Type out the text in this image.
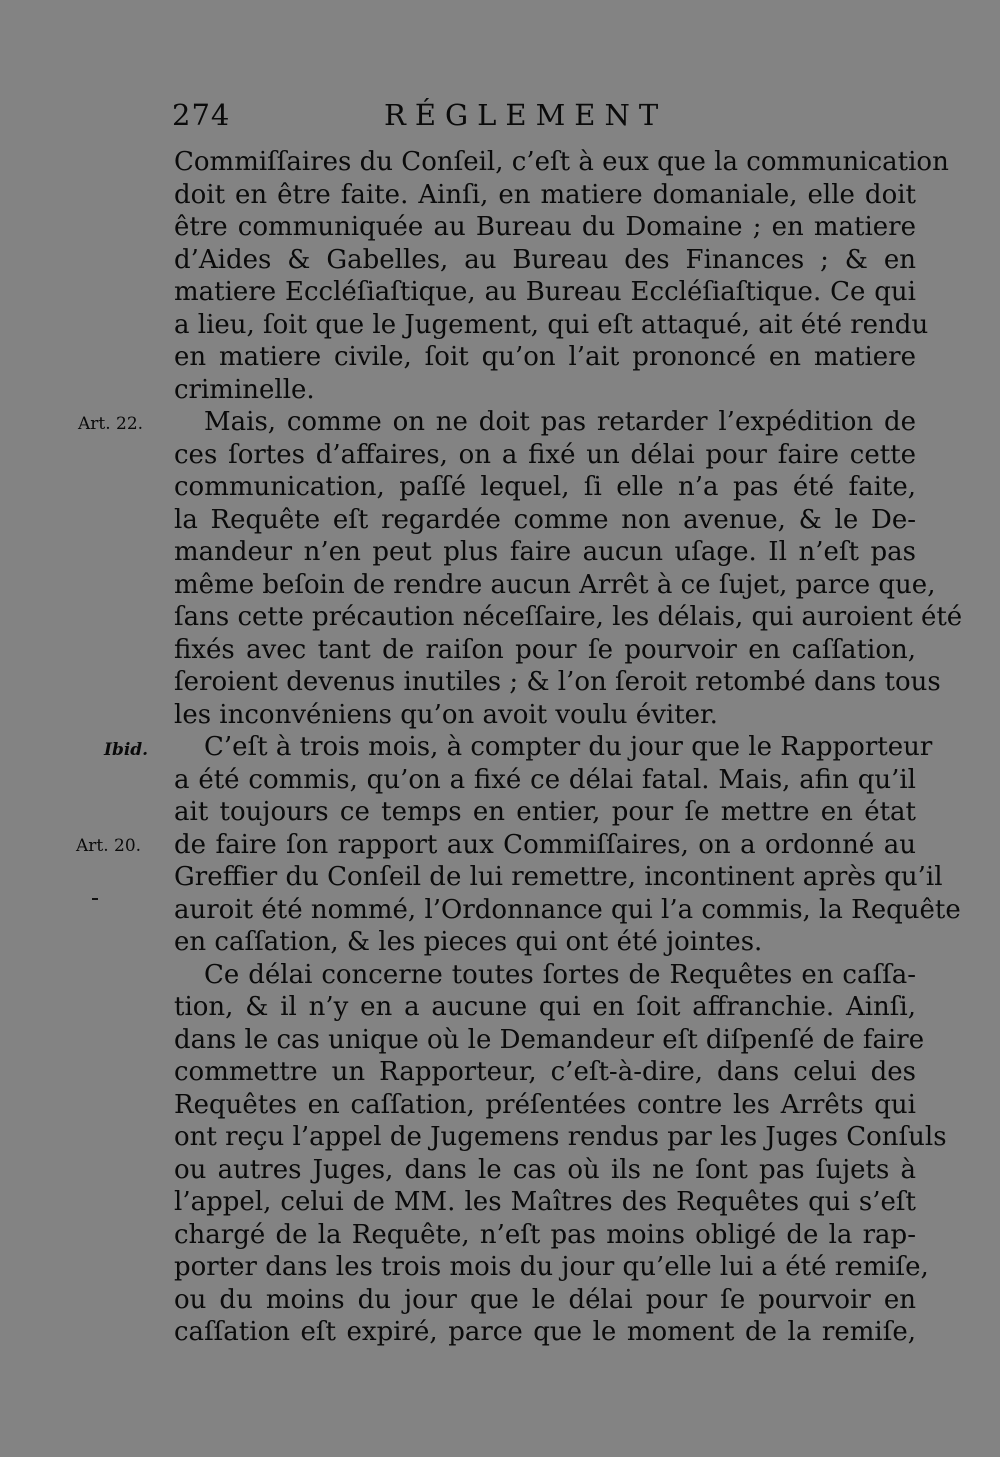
274	RÉGLEMENT
Art. 22.
Ibid.
Art. 20.
Commiſſaires du Conſeil, c’eſt à eux que la communication
doit en être faite. Ainſi, en matiere domaniale, elle doit
être communiquée au Bureau du Domaine ; en matiere
d’Aides & Gabelles, au Bureau des Finances ; & en
matiere Eccléſiaſtique, au Bureau Eccléſiaſtique. Ce qui
a lieu, ſoit que le Jugement, qui eſt attaqué, ait été rendu
en matiere civile, ſoit qu’on l’ait prononcé en matiere
criminelle.
Mais, comme on ne doit pas retarder l’expédition de
ces ſortes d’affaires, on a fixé un délai pour faire cette
communication, paſſé lequel, ſi elle n’a pas été faite,
la Requête eſt regardée comme non avenue, & le De-
mandeur n’en peut plus faire aucun uſage. Il n’eſt pas
même beſoin de rendre aucun Arrêt à ce ſujet, parce que,
ſans cette précaution néceſſaire, les délais, qui auroient été
fixés avec tant de raiſon pour ſe pourvoir en caſſation,
ſeroient devenus inutiles ; & l’on ſeroit retombé dans tous
les inconvéniens qu’on avoit voulu éviter.
C’eſt à trois mois, à compter du jour que le Rapporteur
a été commis, qu’on a fixé ce délai fatal. Mais, afin qu’il
ait toujours ce temps en entier, pour ſe mettre en état
de faire ſon rapport aux Commiſſaires, on a ordonné au
Greffier du Conſeil de lui remettre, incontinent après qu’il
auroit été nommé, l’Ordonnance qui l’a commis, la Requête
en caſſation, & les pieces qui ont été jointes.
Ce délai concerne toutes ſortes de Requêtes en caſſa-
tion, & il n’y en a aucune qui en ſoit affranchie. Ainſi,
dans le cas unique où le Demandeur eſt diſpenſé de faire
commettre un Rapporteur, c’eſt-à-dire, dans celui des
Requêtes en caſſation, préſentées contre les Arrêts qui
ont reçu l’appel de Jugemens rendus par les Juges Conſuls
ou autres Juges, dans le cas où ils ne ſont pas ſujets à
l’appel, celui de MM. les Maîtres des Requêtes qui s’eſt
chargé de la Requête, n’eſt pas moins obligé de la rap-
porter dans les trois mois du jour qu’elle lui a été remiſe,
ou du moins du jour que le délai pour ſe pourvoir en
caſſation eſt expiré, parce que le moment de la remiſe,
